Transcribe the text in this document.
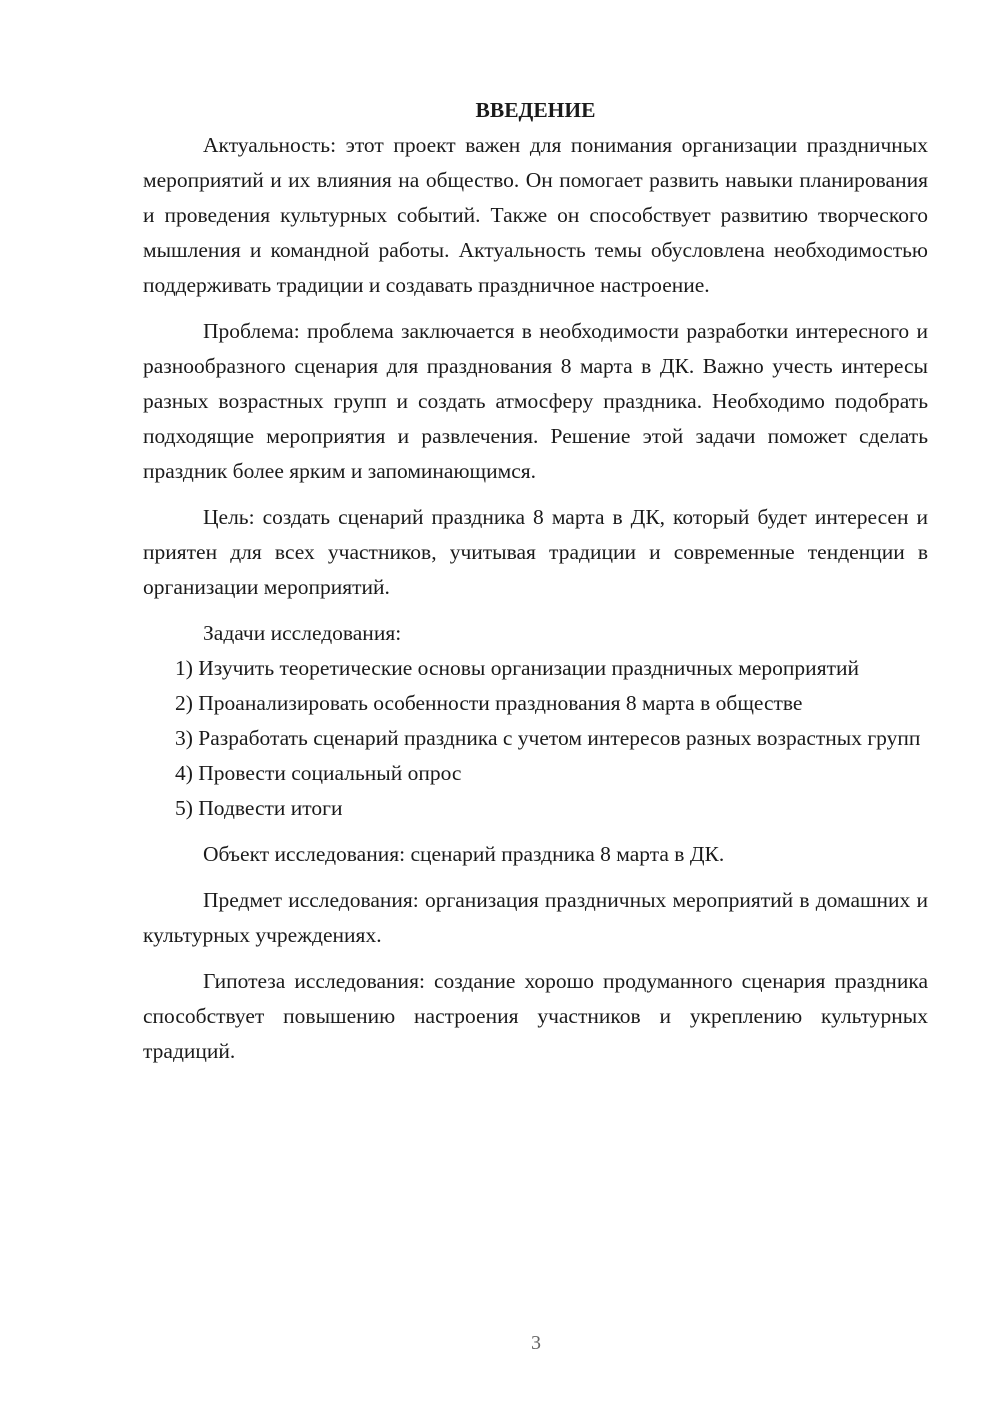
ВВЕДЕНИЕ

Актуальность: этот проект важен для понимания организации праздничных мероприятий и их влияния на общество. Он помогает развить навыки планирования и проведения культурных событий. Также он способствует развитию творческого мышления и командной работы. Актуальность темы обусловлена необходимостью поддерживать традиции и создавать праздничное настроение.

Проблема: проблема заключается в необходимости разработки интересного и разнообразного сценария для празднования 8 марта в ДК. Важно учесть интересы разных возрастных групп и создать атмосферу праздника. Необходимо подобрать подходящие мероприятия и развлечения. Решение этой задачи поможет сделать праздник более ярким и запоминающимся.

Цель: создать сценарий праздника 8 марта в ДК, который будет интересен и приятен для всех участников, учитывая традиции и современные тенденции в организации мероприятий.

Задачи исследования:

1) Изучить теоретические основы организации праздничных мероприятий

2) Проанализировать особенности празднования 8 марта в обществе

3) Разработать сценарий праздника с учетом интересов разных возрастных групп

4) Провести социальный опрос

5) Подвести итоги

Объект исследования: сценарий праздника 8 марта в ДК.

Предмет исследования: организация праздничных мероприятий в домашних и культурных учреждениях.

Гипотеза исследования: создание хорошо продуманного сценария праздника способствует повышению настроения участников и укреплению культурных традиций.

3
